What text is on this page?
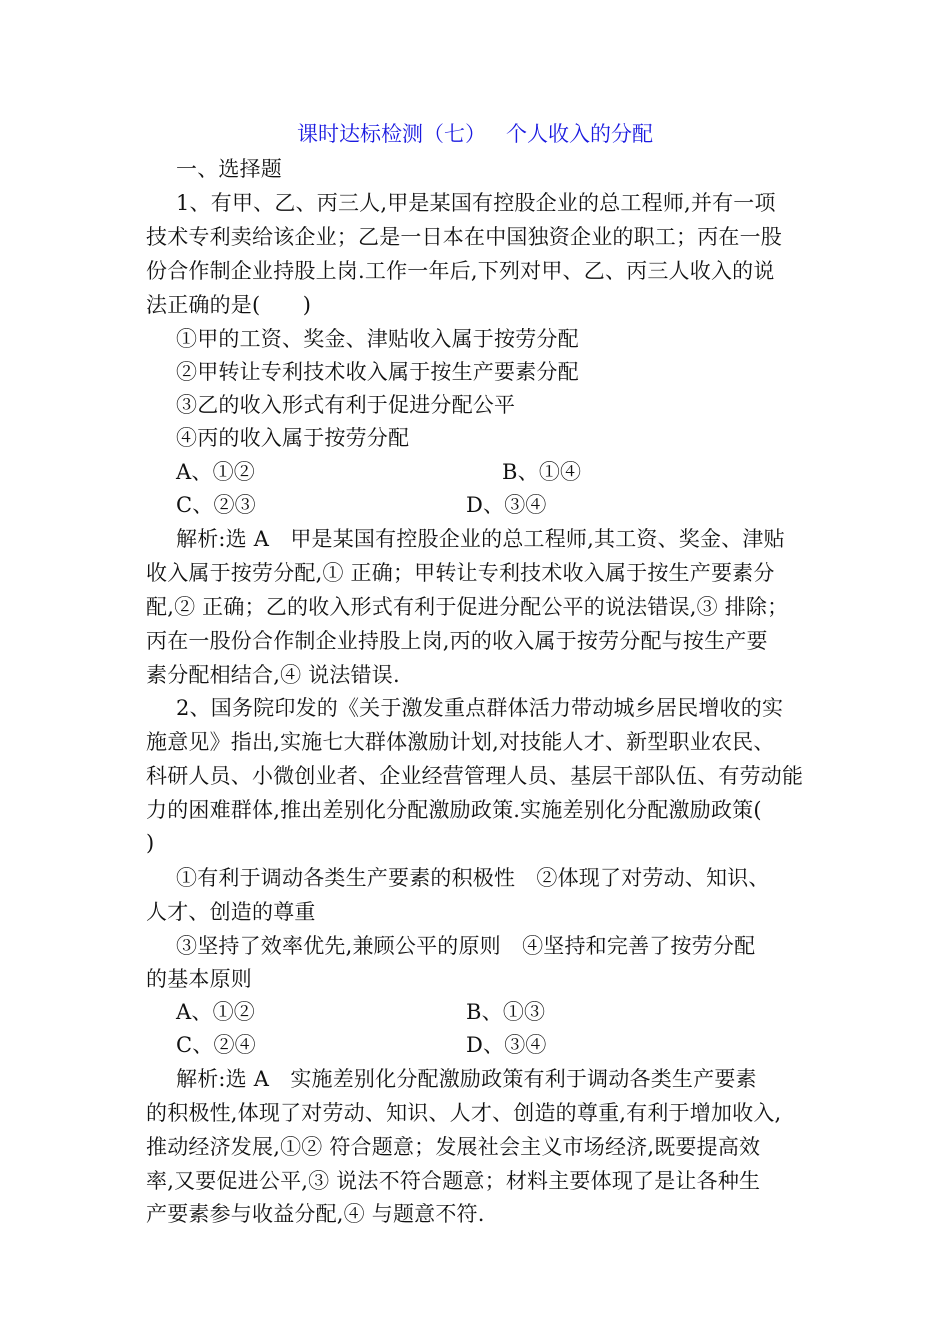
课时达标检测（七）   个人收入的分配
一、选择题
1、有甲、乙、丙三人,甲是某国有控股企业的总工程师,并有一项
技术专利卖给该企业；乙是一日本在中国独资企业的职工；丙在一股
份合作制企业持股上岗.工作一年后,下列对甲、乙、丙三人收入的说
法正确的是(　　)
①甲的工资、奖金、津贴收入属于按劳分配
②甲转让专利技术收入属于按生产要素分配
③乙的收入形式有利于促进分配公平
④丙的收入属于按劳分配
A、①②	B、①④
C、②③	D、③④
解析:选 A　甲是某国有控股企业的总工程师,其工资、奖金、津贴
收入属于按劳分配,① 正确；甲转让专利技术收入属于按生产要素分
配,② 正确；乙的收入形式有利于促进分配公平的说法错误,③ 排除；
丙在一股份合作制企业持股上岗,丙的收入属于按劳分配与按生产要
素分配相结合,④ 说法错误.
2、国务院印发的《关于激发重点群体活力带动城乡居民增收的实
施意见》指出,实施七大群体激励计划,对技能人才、新型职业农民、
科研人员、小微创业者、企业经营管理人员、基层干部队伍、有劳动能
力的困难群体,推出差别化分配激励政策.实施差别化分配激励政策(
)
①有利于调动各类生产要素的积极性　②体现了对劳动、知识、
人才、创造的尊重
③坚持了效率优先,兼顾公平的原则　④坚持和完善了按劳分配
的基本原则
A、①②	B、①③
C、②④	D、③④
解析:选 A　实施差别化分配激励政策有利于调动各类生产要素
的积极性,体现了对劳动、知识、人才、创造的尊重,有利于增加收入,
推动经济发展,①② 符合题意；发展社会主义市场经济,既要提高效
率,又要促进公平,③ 说法不符合题意；材料主要体现了是让各种生
产要素参与收益分配,④ 与题意不符.
